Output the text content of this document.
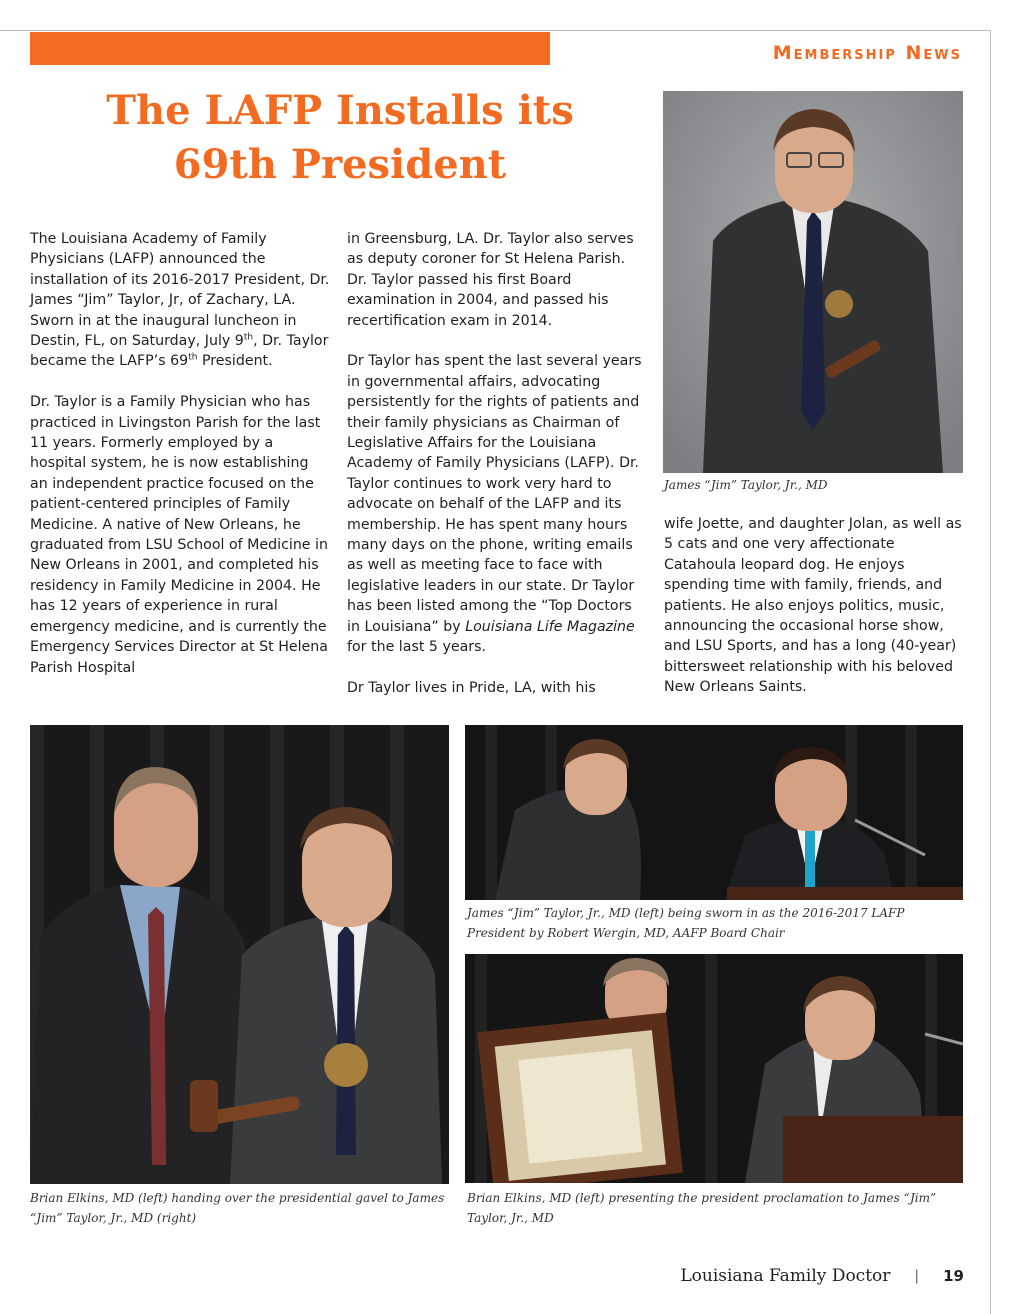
Membership News
The LAFP Installs its
69th President
James “Jim” Taylor, Jr., MD

The Louisiana Academy of Family Physicians (LAFP) announced the installation of its 2016-2017 President, Dr. James “Jim” Taylor, Jr, of Zachary, LA. Sworn in at the inaugural luncheon in Destin, FL, on Saturday, July 9th, Dr. Taylor became the LAFP’s 69th President.

Dr. Taylor is a Family Physician who has practiced in Livingston Parish for the last 11 years. Formerly employed by a hospital system, he is now establishing an independent practice focused on the patient-centered principles of Family Medicine. A native of New Orleans, he graduated from LSU School of Medicine in New Orleans in 2001, and completed his residency in Family Medicine in 2004. He has 12 years of experience in rural emergency medicine, and is currently the Emergency Services Director at St Helena Parish Hospital

in Greensburg, LA. Dr. Taylor also serves as deputy coroner for St Helena Parish. Dr. Taylor passed his first Board examination in 2004, and passed his recertification exam in 2014.

Dr Taylor has spent the last several years in governmental affairs, advocating persistently for the rights of patients and their family physicians as Chairman of Legislative Affairs for the Louisiana Academy of Family Physicians (LAFP). Dr. Taylor continues to work very hard to advocate on behalf of the LAFP and its membership. He has spent many hours many days on the phone, writing emails as well as meeting face to face with legislative leaders in our state. Dr Taylor has been listed among the “Top Doctors in Louisiana” by Louisiana Life Magazine for the last 5 years.

Dr Taylor lives in Pride, LA, with his

wife Joette, and daughter Jolan, as well as 5 cats and one very affectionate Catahoula leopard dog. He enjoys spending time with family, friends, and patients. He also enjoys politics, music, announcing the occasional horse show, and LSU Sports, and has a long (40-year) bittersweet relationship with his beloved New Orleans Saints.

Brian Elkins, MD (left) handing over the presidential gavel to James “Jim” Taylor, Jr., MD (right)
James “Jim” Taylor, Jr., MD (left) being sworn in as the 2016-2017 LAFP President by Robert Wergin, MD, AAFP Board Chair
Brian Elkins, MD (left) presenting the president proclamation to James “Jim” Taylor, Jr., MD
Louisiana Family Doctor | 19
